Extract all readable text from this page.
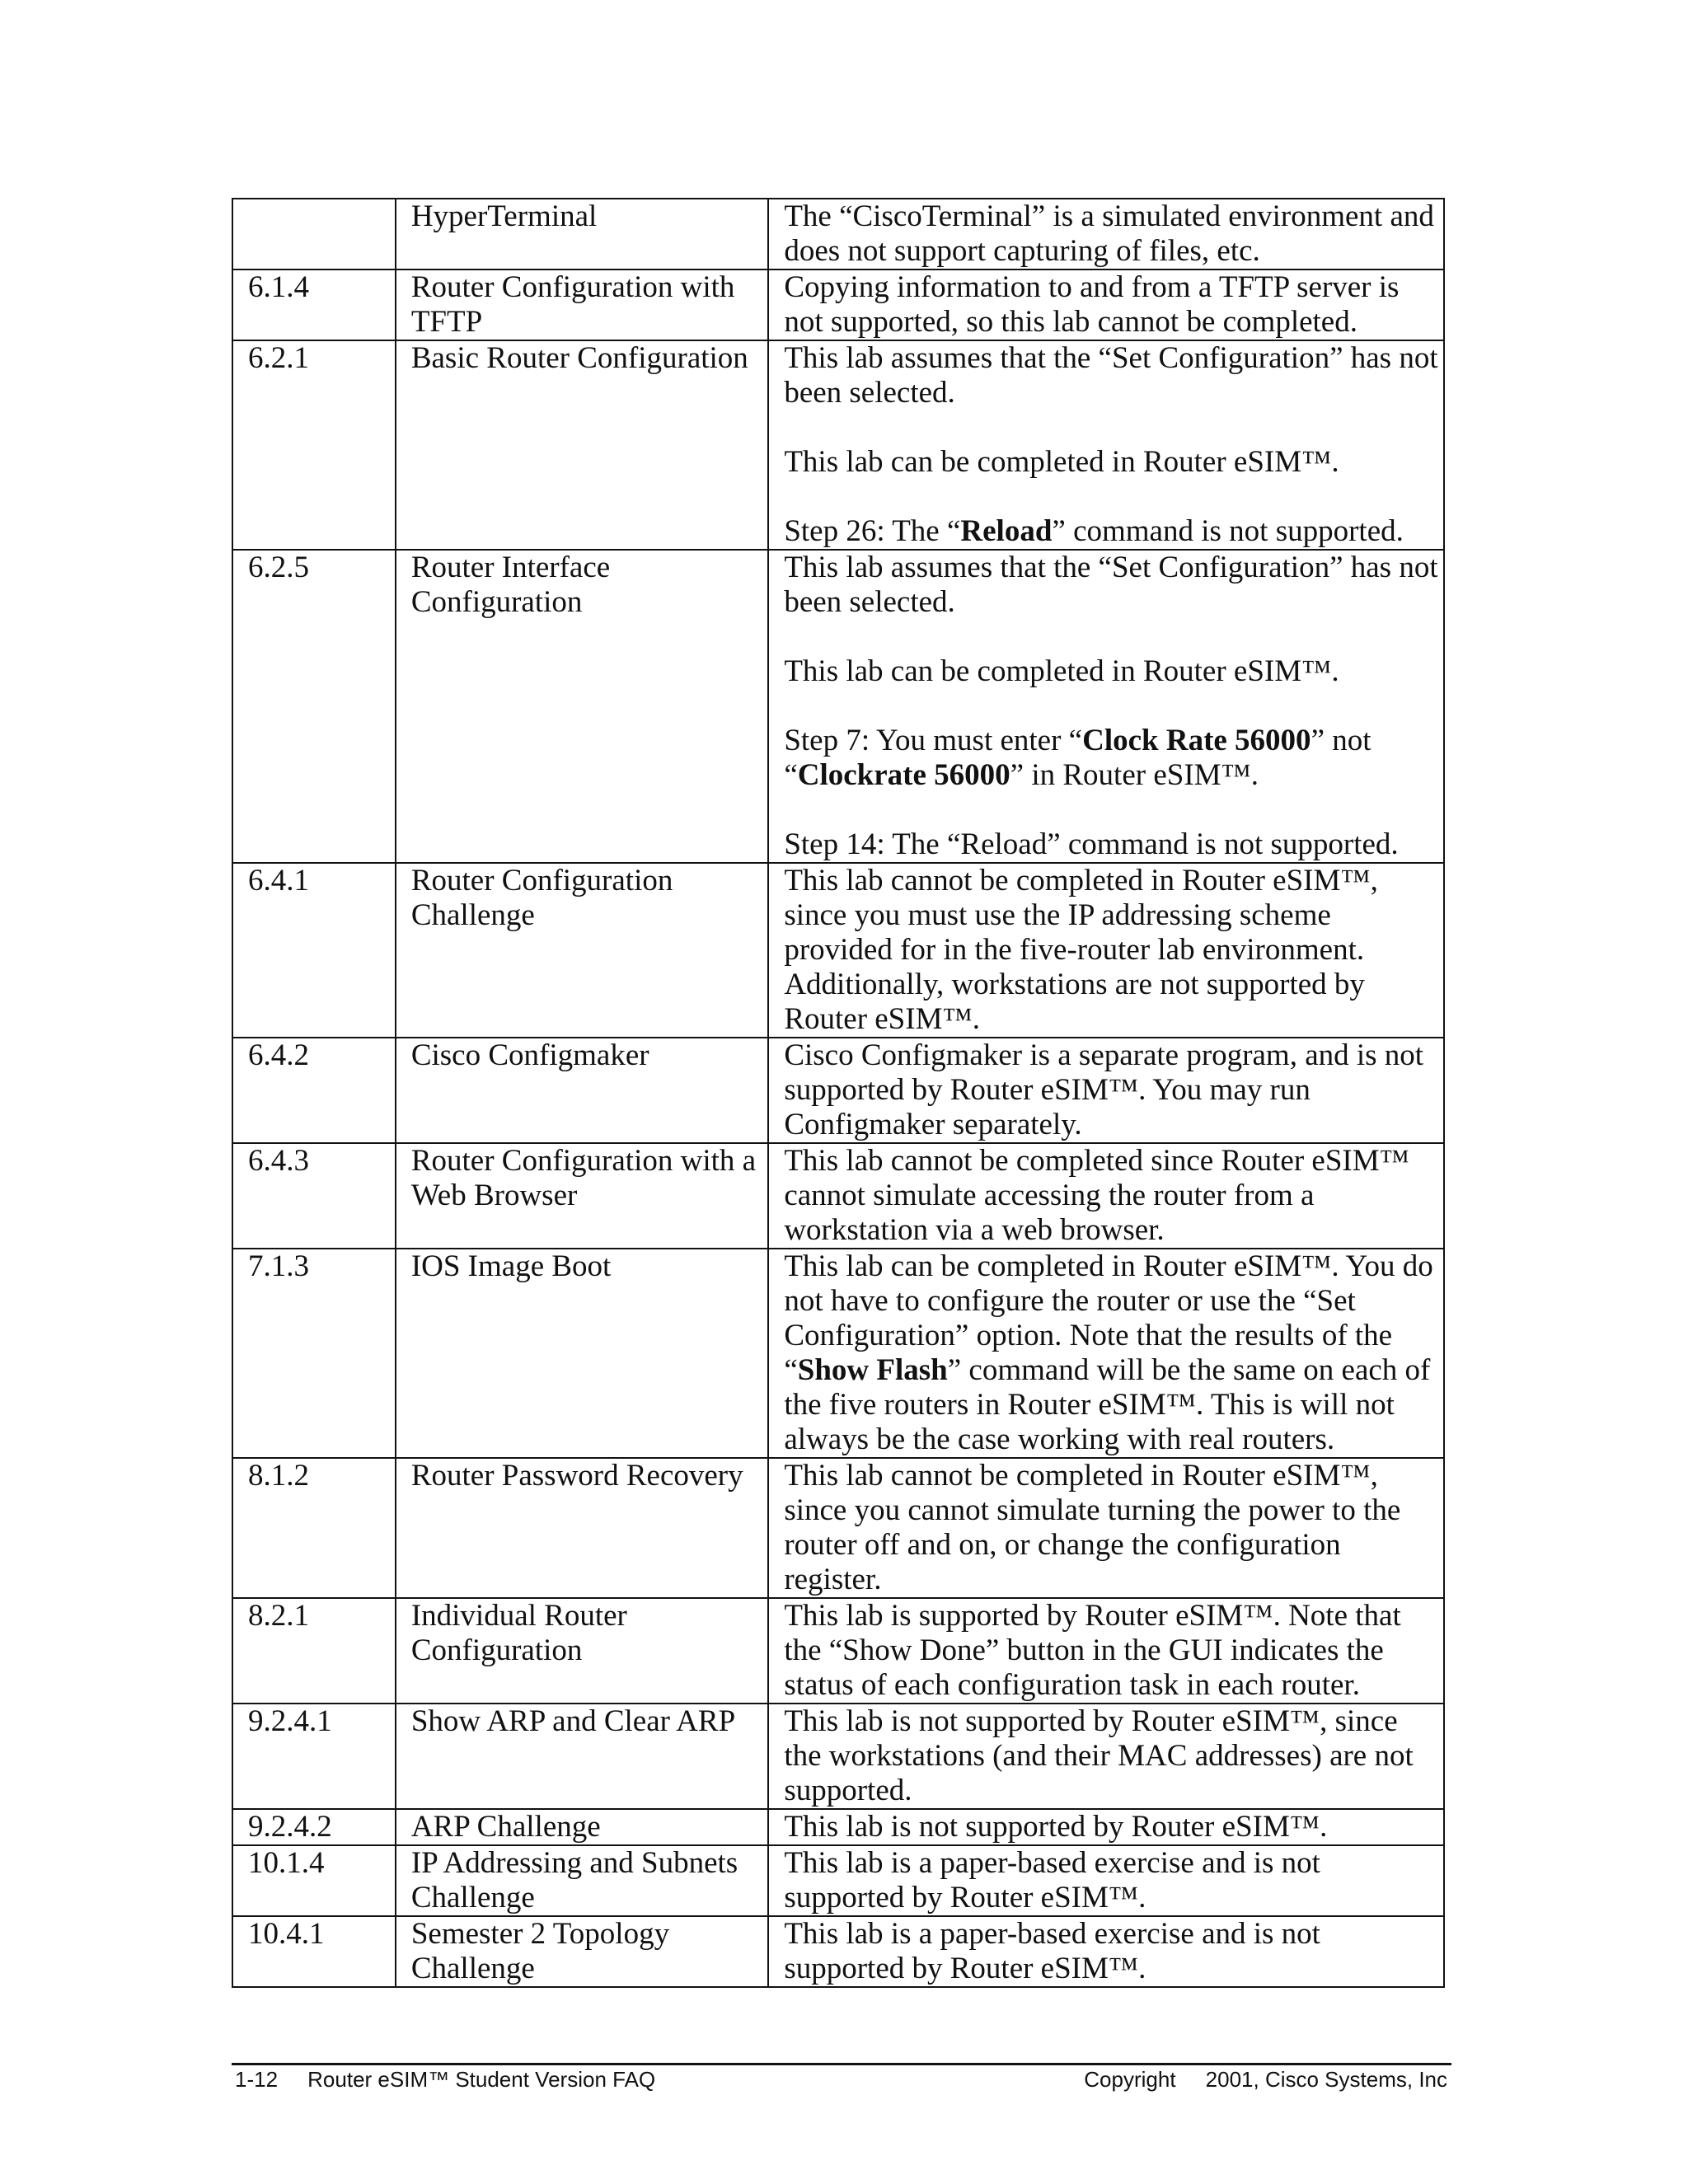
	HyperTerminal	The “CiscoTerminal” is a simulated environment and does not support capturing of files, etc.

6.1.4	Router Configuration with TFTP	Copying information to and from a TFTP server is not supported, so this lab cannot be completed.

6.2.1	Basic Router Configuration	This lab assumes that the “Set Configuration” has not been selected.
This lab can be completed in Router eSIM™.
Step 26: The “Reload” command is not supported.

6.2.5	Router Interface Configuration	This lab assumes that the “Set Configuration” has not been selected.
This lab can be completed in Router eSIM™.
Step 7: You must enter “Clock Rate 56000” not “Clockrate 56000” in Router eSIM™.
Step 14: The “Reload” command is not supported.

6.4.1	Router Configuration Challenge	This lab cannot be completed in Router eSIM™, since you must use the IP addressing scheme provided for in the five-router lab environment. Additionally, workstations are not supported by Router eSIM™.

6.4.2	Cisco Configmaker	Cisco Configmaker is a separate program, and is not supported by Router eSIM™. You may run Configmaker separately.

6.4.3	Router Configuration with a Web Browser	This lab cannot be completed since Router eSIM™ cannot simulate accessing the router from a workstation via a web browser.

7.1.3	IOS Image Boot	This lab can be completed in Router eSIM™. You do not have to configure the router or use the “Set Configuration” option. Note that the results of the “Show Flash” command will be the same on each of the five routers in Router eSIM™. This is will not always be the case working with real routers.

8.1.2	Router Password Recovery	This lab cannot be completed in Router eSIM™, since you cannot simulate turning the power to the router off and on, or change the configuration register.

8.2.1	Individual Router Configuration	This lab is supported by Router eSIM™. Note that the “Show Done” button in the GUI indicates the status of each configuration task in each router.

9.2.4.1	Show ARP and Clear ARP	This lab is not supported by Router eSIM™, since the workstations (and their MAC addresses) are not supported.

9.2.4.2	ARP Challenge	This lab is not supported by Router eSIM™.

10.1.4	IP Addressing and Subnets Challenge	This lab is a paper-based exercise and is not supported by Router eSIM™.

10.4.1	Semester 2 Topology Challenge	This lab is a paper-based exercise and is not supported by Router eSIM™.
1-12     Router eSIM™ Student Version FAQ	Copyright     2001, Cisco Systems, Inc
